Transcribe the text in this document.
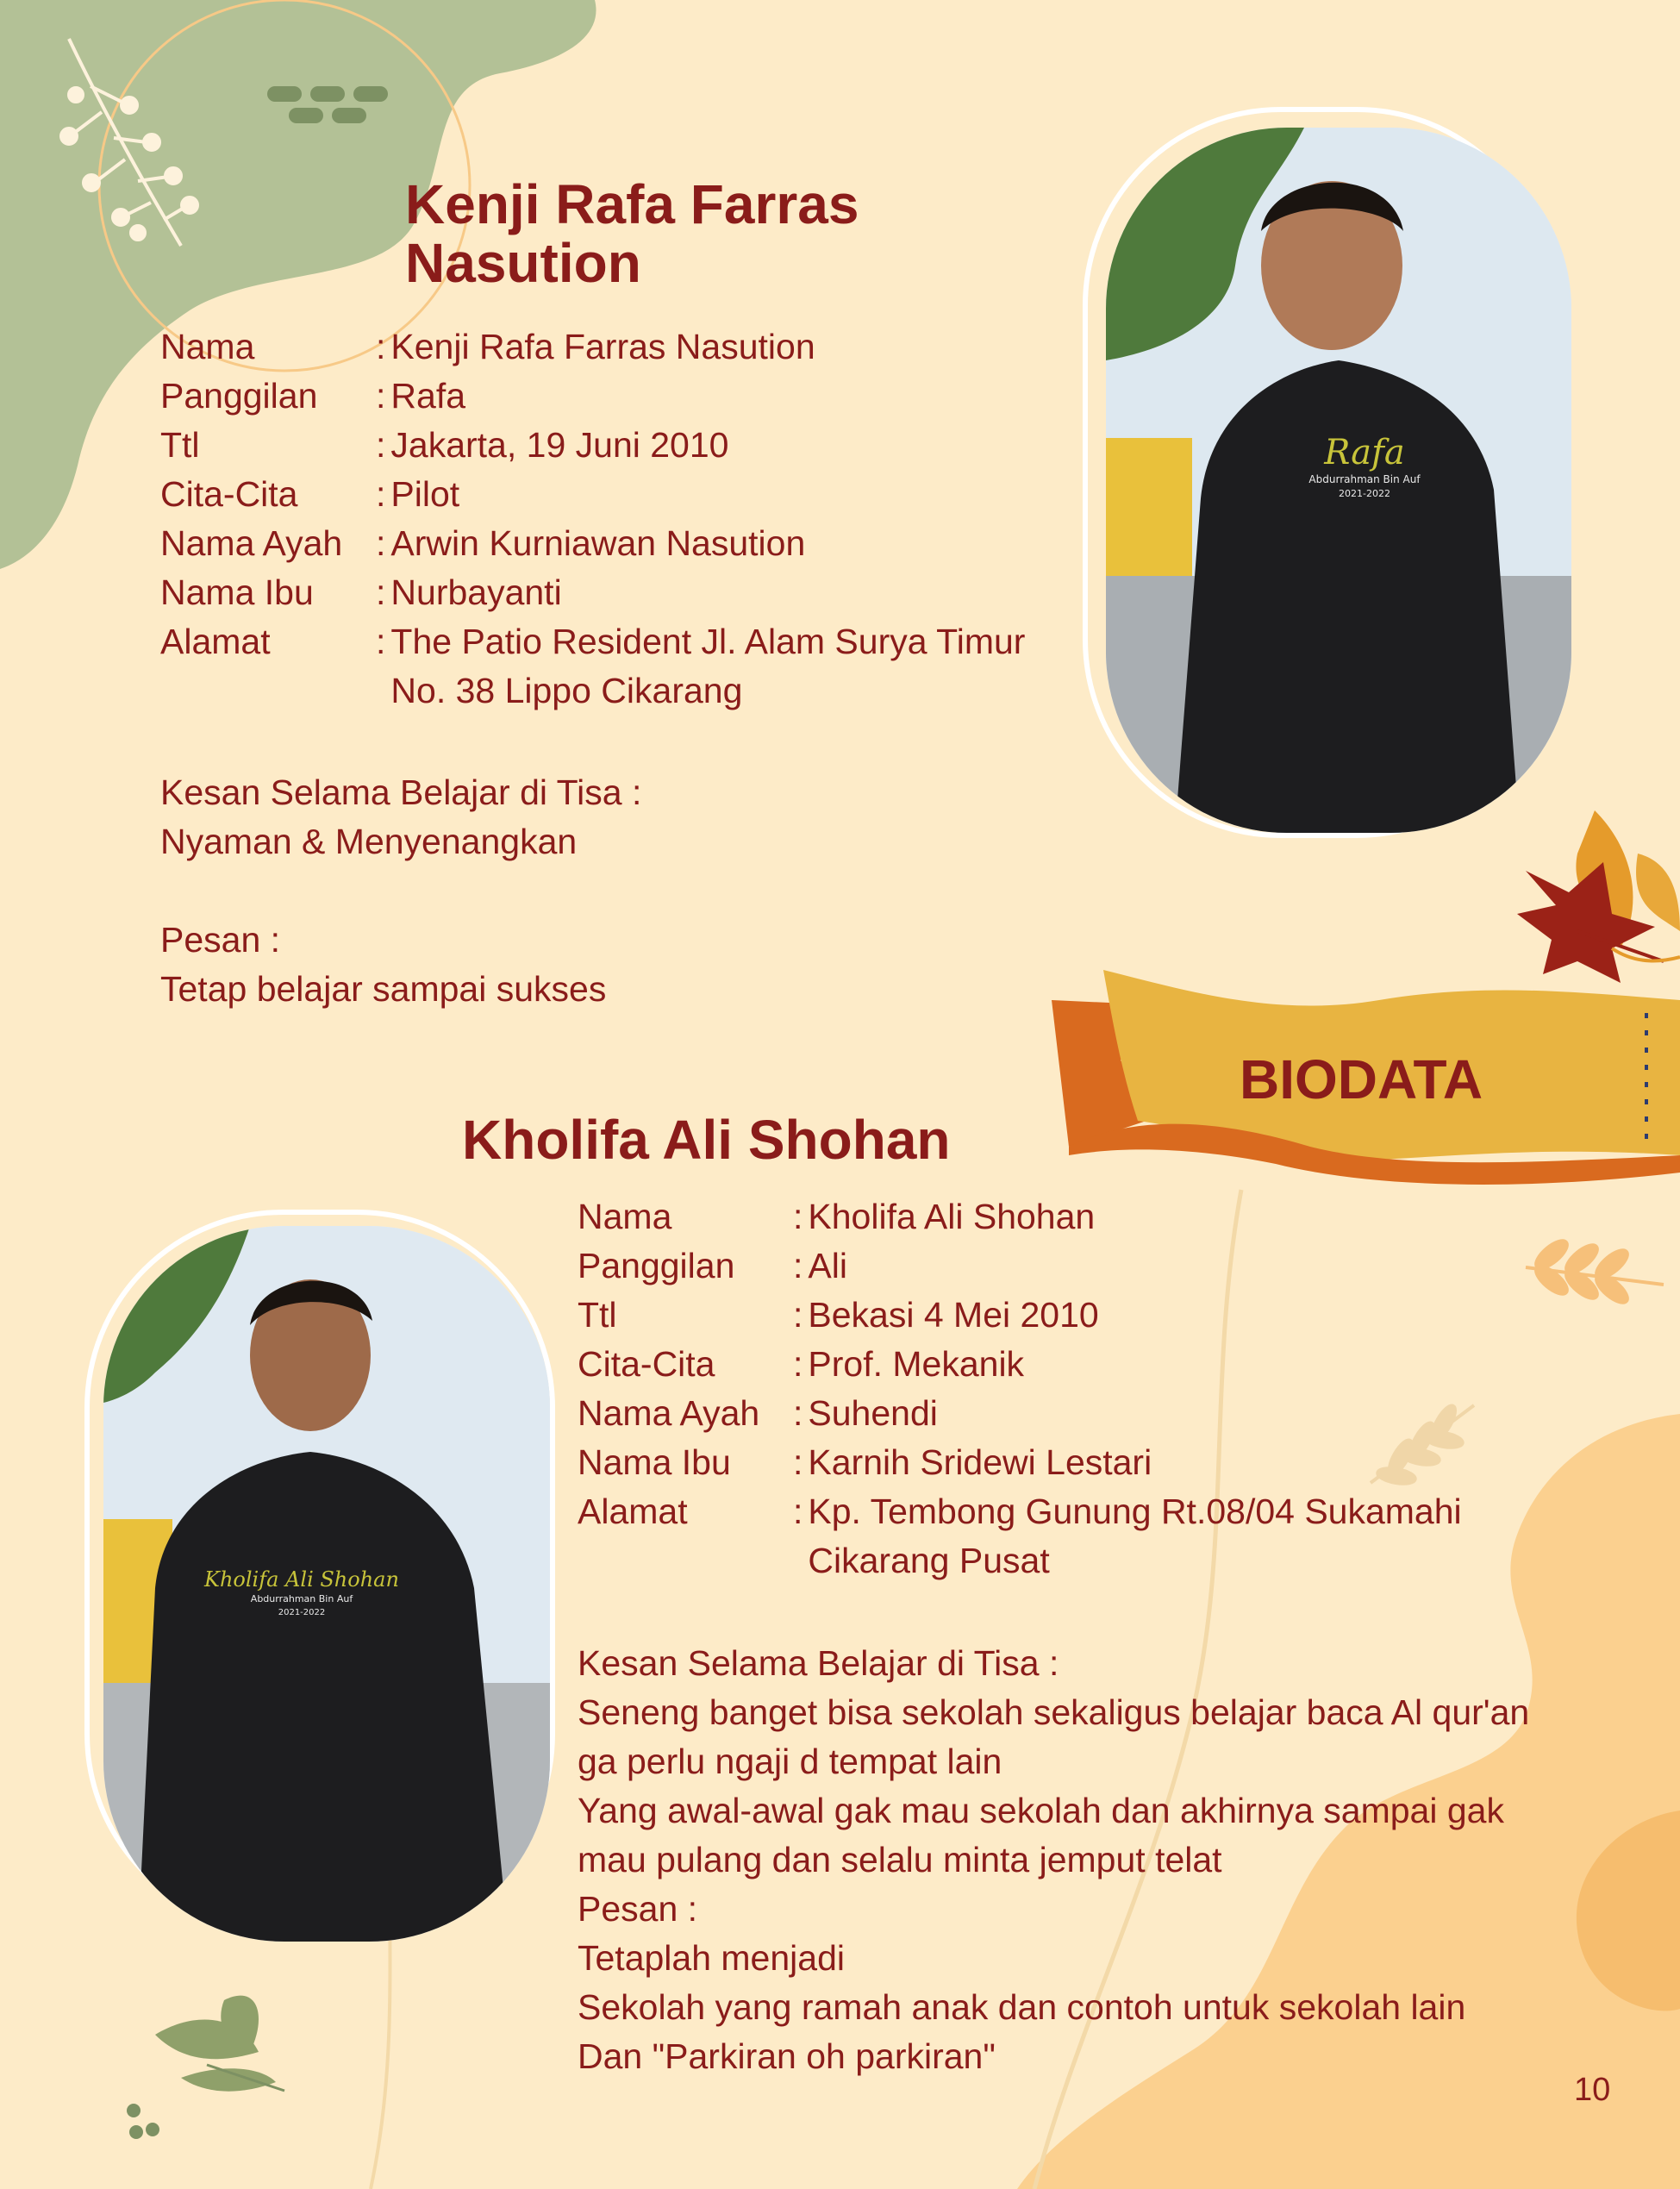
Kenji Rafa Farras
Nasution
Nama	: Kenji Rafa Farras Nasution
Panggilan	: Rafa
Ttl	: Jakarta, 19 Juni 2010
Cita-Cita	: Pilot
Nama Ayah : Arwin Kurniawan Nasution
Nama Ibu	: Nurbayanti
Alamat	: The Patio Resident Jl. Alam Surya Timur No. 38 Lippo Cikarang

Kesan Selama Belajar di Tisa :

Nyaman & Menyenangkan

Pesan :

Tetap belajar sampai sukses

Rafa
Abdurrahman Bin Auf
2021-2022
BIODATA
Kholifa Ali Shohan
Nama	: Kholifa Ali Shohan
Panggilan	: Ali
Ttl	: Bekasi 4 Mei 2010
Cita-Cita	: Prof. Mekanik
Nama Ayah : Suhendi
Nama Ibu	: Karnih Sridewi Lestari
Alamat	: Kp. Tembong Gunung Rt.08/04 Sukamahi Cikarang Pusat

Kesan Selama Belajar di Tisa :

Seneng banget bisa sekolah sekaligus belajar baca Al qur'an

ga perlu ngaji d tempat lain

Yang awal-awal gak mau sekolah dan akhirnya sampai gak

mau pulang dan selalu minta jemput telat

Pesan :

Tetaplah menjadi

Sekolah yang ramah anak dan contoh untuk sekolah lain

Dan "Parkiran oh parkiran"

Kholifa Ali Shohan
Abdurrahman Bin Auf
2021-2022
10
